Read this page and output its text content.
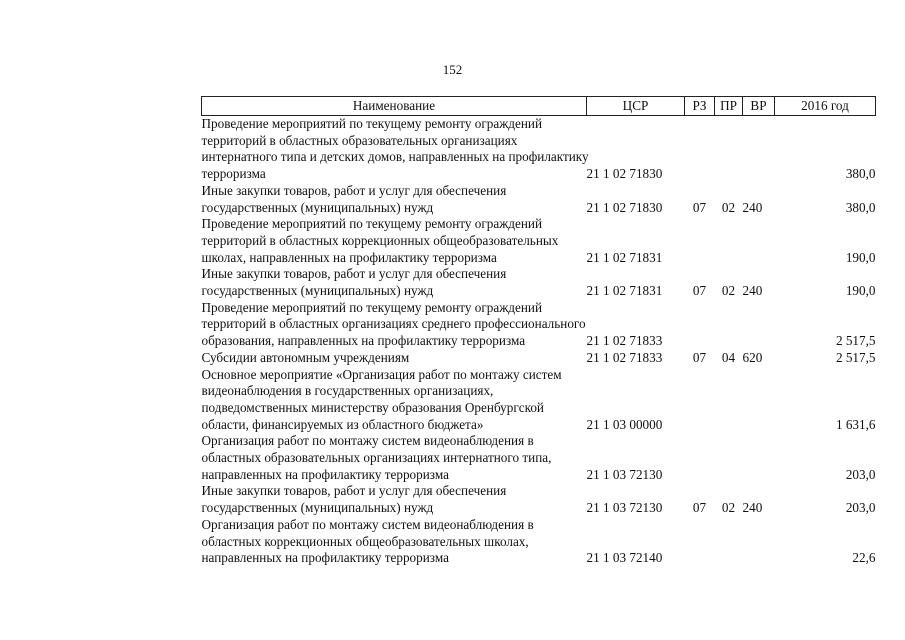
152
Наименование	ЦСР	РЗ	ПР	ВР	2016 год

Проведение мероприятий по текущему ремонту ограждений
территорий в областных образовательных организациях
интернатного типа и детских домов, направленных на профилактику
терроризма	21 1 02 71830				380,0

Иные закупки товаров, работ и услуг для обеспечения
государственных (муниципальных) нужд	21 1 02 71830	07	02	240	380,0

Проведение мероприятий по текущему ремонту ограждений
территорий в областных коррекционных общеобразовательных
школах, направленных на профилактику терроризма	21 1 02 71831				190,0

Иные закупки товаров, работ и услуг для обеспечения
государственных (муниципальных) нужд	21 1 02 71831	07	02	240	190,0

Проведение мероприятий по текущему ремонту ограждений
территорий в областных организациях среднего профессионального
образования, направленных на профилактику терроризма	21 1 02 71833				2 517,5

Субсидии автономным учреждениям	21 1 02 71833	07	04	620	2 517,5

Основное мероприятие «Организация работ по монтажу систем
видеонаблюдения в государственных организациях,
подведомственных министерству образования Оренбургской
области, финансируемых из областного бюджета»	21 1 03 00000				1 631,6

Организация работ по монтажу систем видеонаблюдения в
областных образовательных организациях интернатного типа,
направленных на профилактику терроризма	21 1 03 72130				203,0

Иные закупки товаров, работ и услуг для обеспечения
государственных (муниципальных) нужд	21 1 03 72130	07	02	240	203,0

Организация работ по монтажу систем видеонаблюдения в
областных коррекционных общеобразовательных школах,
направленных на профилактику терроризма	21 1 03 72140				22,6
